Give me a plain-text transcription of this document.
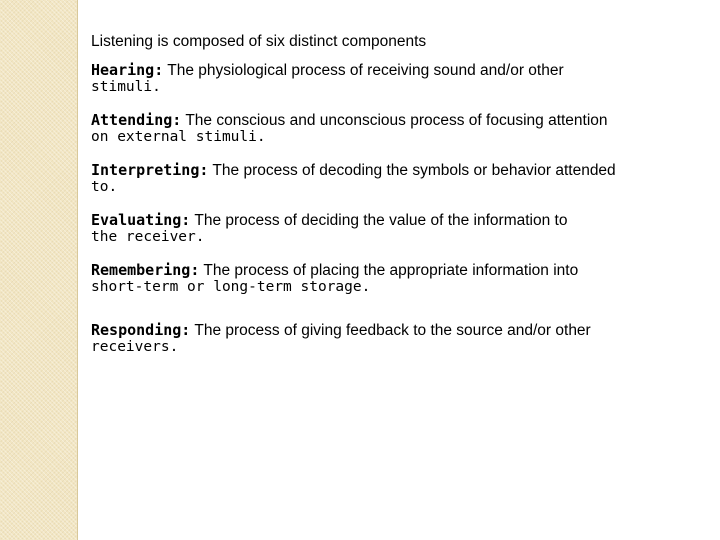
Listening is composed of six distinct components
Hearing: The physiological process of receiving sound and/or other
stimuli.
Attending: The conscious and unconscious process of focusing attention
on external stimuli.
Interpreting: The process of decoding the symbols or behavior attended
to.
Evaluating: The process of deciding the value of the information to
the receiver.
Remembering: The process of placing the appropriate information into
short-term or long-term storage.
Responding: The process of giving feedback to the source and/or other
receivers.
